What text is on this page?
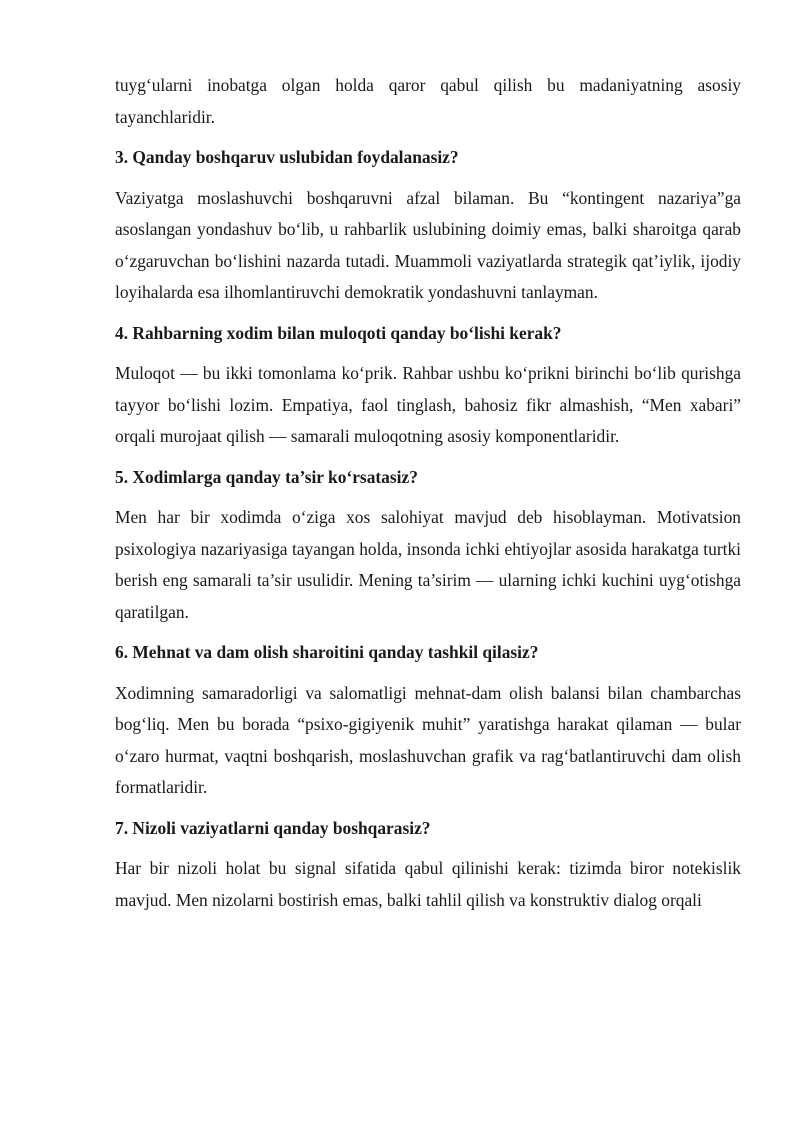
tuyg‘ularni inobatga olgan holda qaror qabul qilish bu madaniyatning asosiy tayanchlaridir.

3. Qanday boshqaruv uslubidan foydalanasiz?

Vaziyatga moslashuvchi boshqaruvni afzal bilaman. Bu “kontingent nazariya”ga asoslangan yondashuv bo‘lib, u rahbarlik uslubining doimiy emas, balki sharoitga qarab o‘zgaruvchan bo‘lishini nazarda tutadi. Muammoli vaziyatlarda strategik qat’iylik, ijodiy loyihalarda esa ilhomlantiruvchi demokratik yondashuvni tanlayman.

4. Rahbarning xodim bilan muloqoti qanday bo‘lishi kerak?

Muloqot — bu ikki tomonlama ko‘prik. Rahbar ushbu ko‘prikni birinchi bo‘lib qurishga tayyor bo‘lishi lozim. Empatiya, faol tinglash, bahosiz fikr almashish, “Men xabari” orqali murojaat qilish — samarali muloqotning asosiy komponentlaridir.

5. Xodimlarga qanday ta’sir ko‘rsatasiz?

Men har bir xodimda o‘ziga xos salohiyat mavjud deb hisoblayman. Motivatsion psixologiya nazariyasiga tayangan holda, insonda ichki ehtiyojlar asosida harakatga turtki berish eng samarali ta’sir usulidir. Mening ta’sirim — ularning ichki kuchini uyg‘otishga qaratilgan.

6. Mehnat va dam olish sharoitini qanday tashkil qilasiz?

Xodimning samaradorligi va salomatligi mehnat-dam olish balansi bilan chambarchas bog‘liq. Men bu borada “psixo-gigiyenik muhit” yaratishga harakat qilaman — bular o‘zaro hurmat, vaqtni boshqarish, moslashuvchan grafik va rag‘batlantiruvchi dam olish formatlaridir.

7. Nizoli vaziyatlarni qanday boshqarasiz?

Har bir nizoli holat bu signal sifatida qabul qilinishi kerak: tizimda biror notekislik mavjud. Men nizolarni bostirish emas, balki tahlil qilish va konstruktiv dialog orqali
